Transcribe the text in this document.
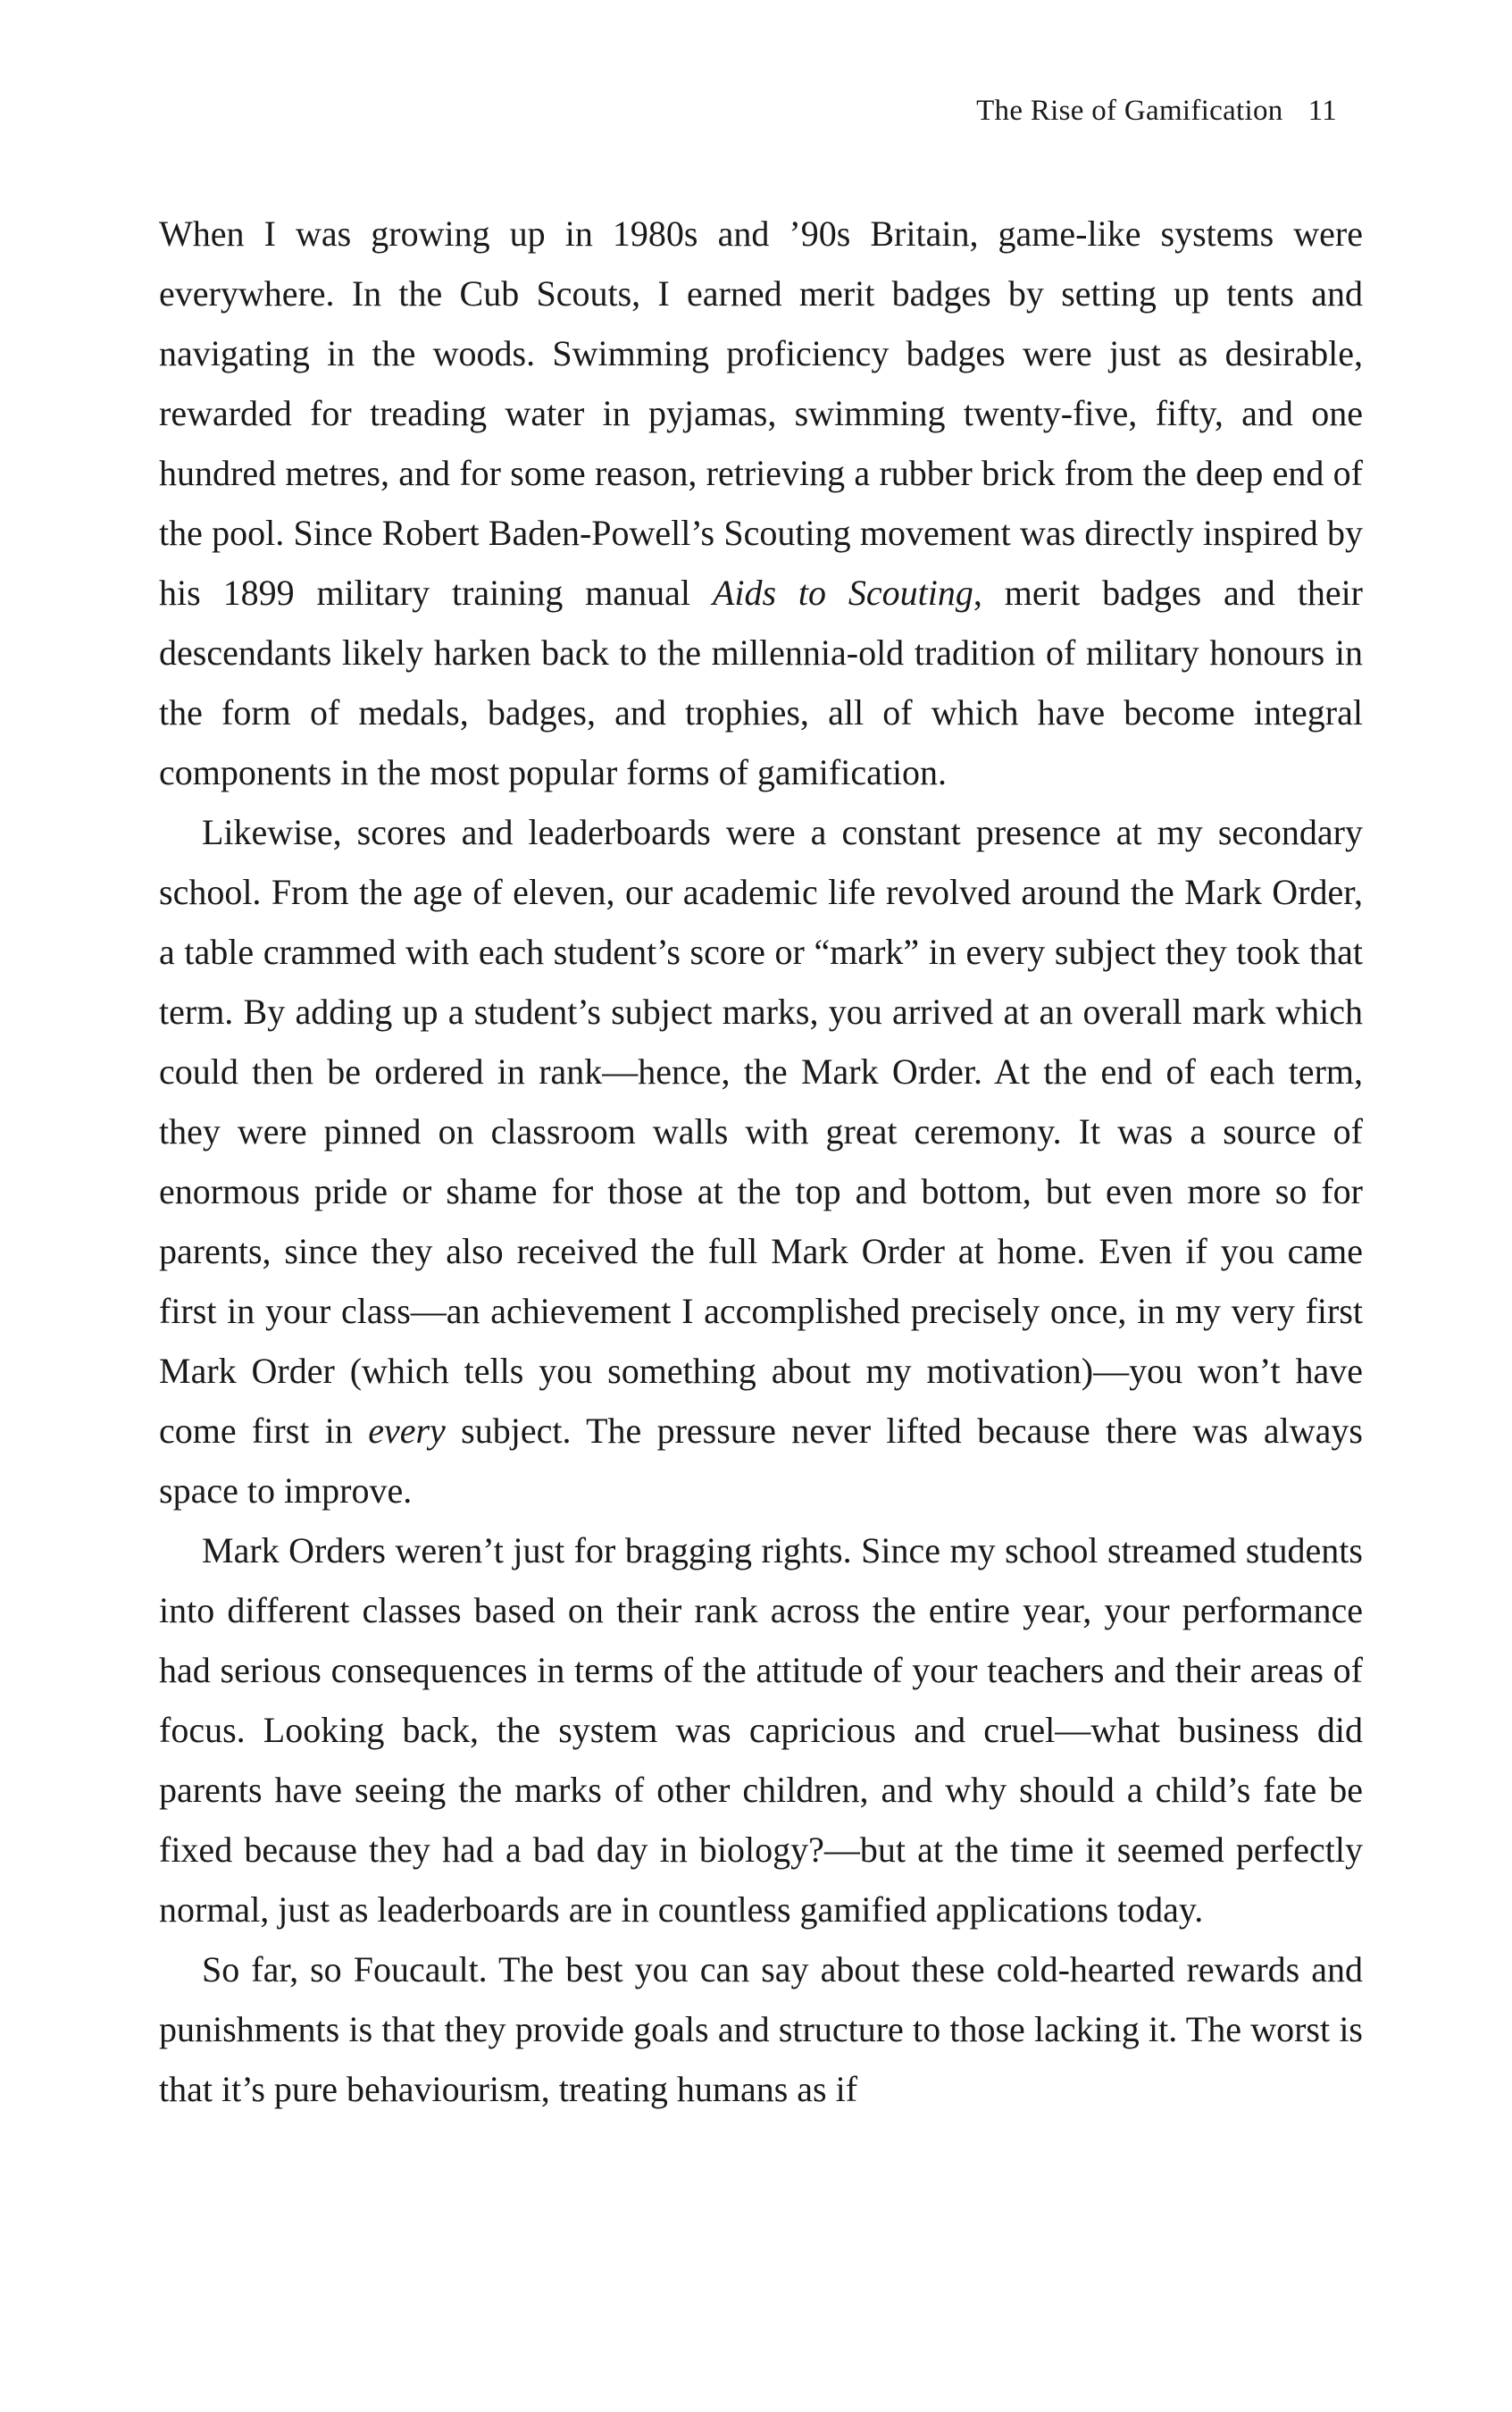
The Rise of Gamification 11

When I was growing up in 1980s and ’90s Britain, game-like systems were everywhere. In the Cub Scouts, I earned merit badges by setting up tents and navigating in the woods. Swimming proficiency badges were just as desirable, rewarded for treading water in pyjamas, swimming twenty-five, fifty, and one hundred metres, and for some reason, retrieving a rubber brick from the deep end of the pool. Since Robert Baden-Powell’s Scouting movement was directly inspired by his 1899 military training manual Aids to Scouting, merit badges and their descendants likely harken back to the millennia-old tradition of military honours in the form of medals, badges, and trophies, all of which have become integral components in the most popular forms of gamification.

Likewise, scores and leaderboards were a constant presence at my secondary school. From the age of eleven, our academic life revolved around the Mark Order, a table crammed with each student’s score or “mark” in every subject they took that term. By adding up a student’s subject marks, you arrived at an overall mark which could then be ordered in rank—hence, the Mark Order. At the end of each term, they were pinned on classroom walls with great ceremony. It was a source of enormous pride or shame for those at the top and bottom, but even more so for parents, since they also received the full Mark Order at home. Even if you came first in your class—an achievement I accomplished precisely once, in my very first Mark Order (which tells you something about my motivation)—you won’t have come first in every subject. The pressure never lifted because there was always space to improve.

Mark Orders weren’t just for bragging rights. Since my school streamed students into different classes based on their rank across the entire year, your performance had serious consequences in terms of the attitude of your teachers and their areas of focus. Looking back, the system was capricious and cruel—what business did parents have seeing the marks of other children, and why should a child’s fate be fixed because they had a bad day in biology?—but at the time it seemed perfectly normal, just as leaderboards are in countless gamified applications today.

So far, so Foucault. The best you can say about these cold-hearted rewards and punishments is that they provide goals and structure to those lacking it. The worst is that it’s pure behaviourism, treating humans as if
